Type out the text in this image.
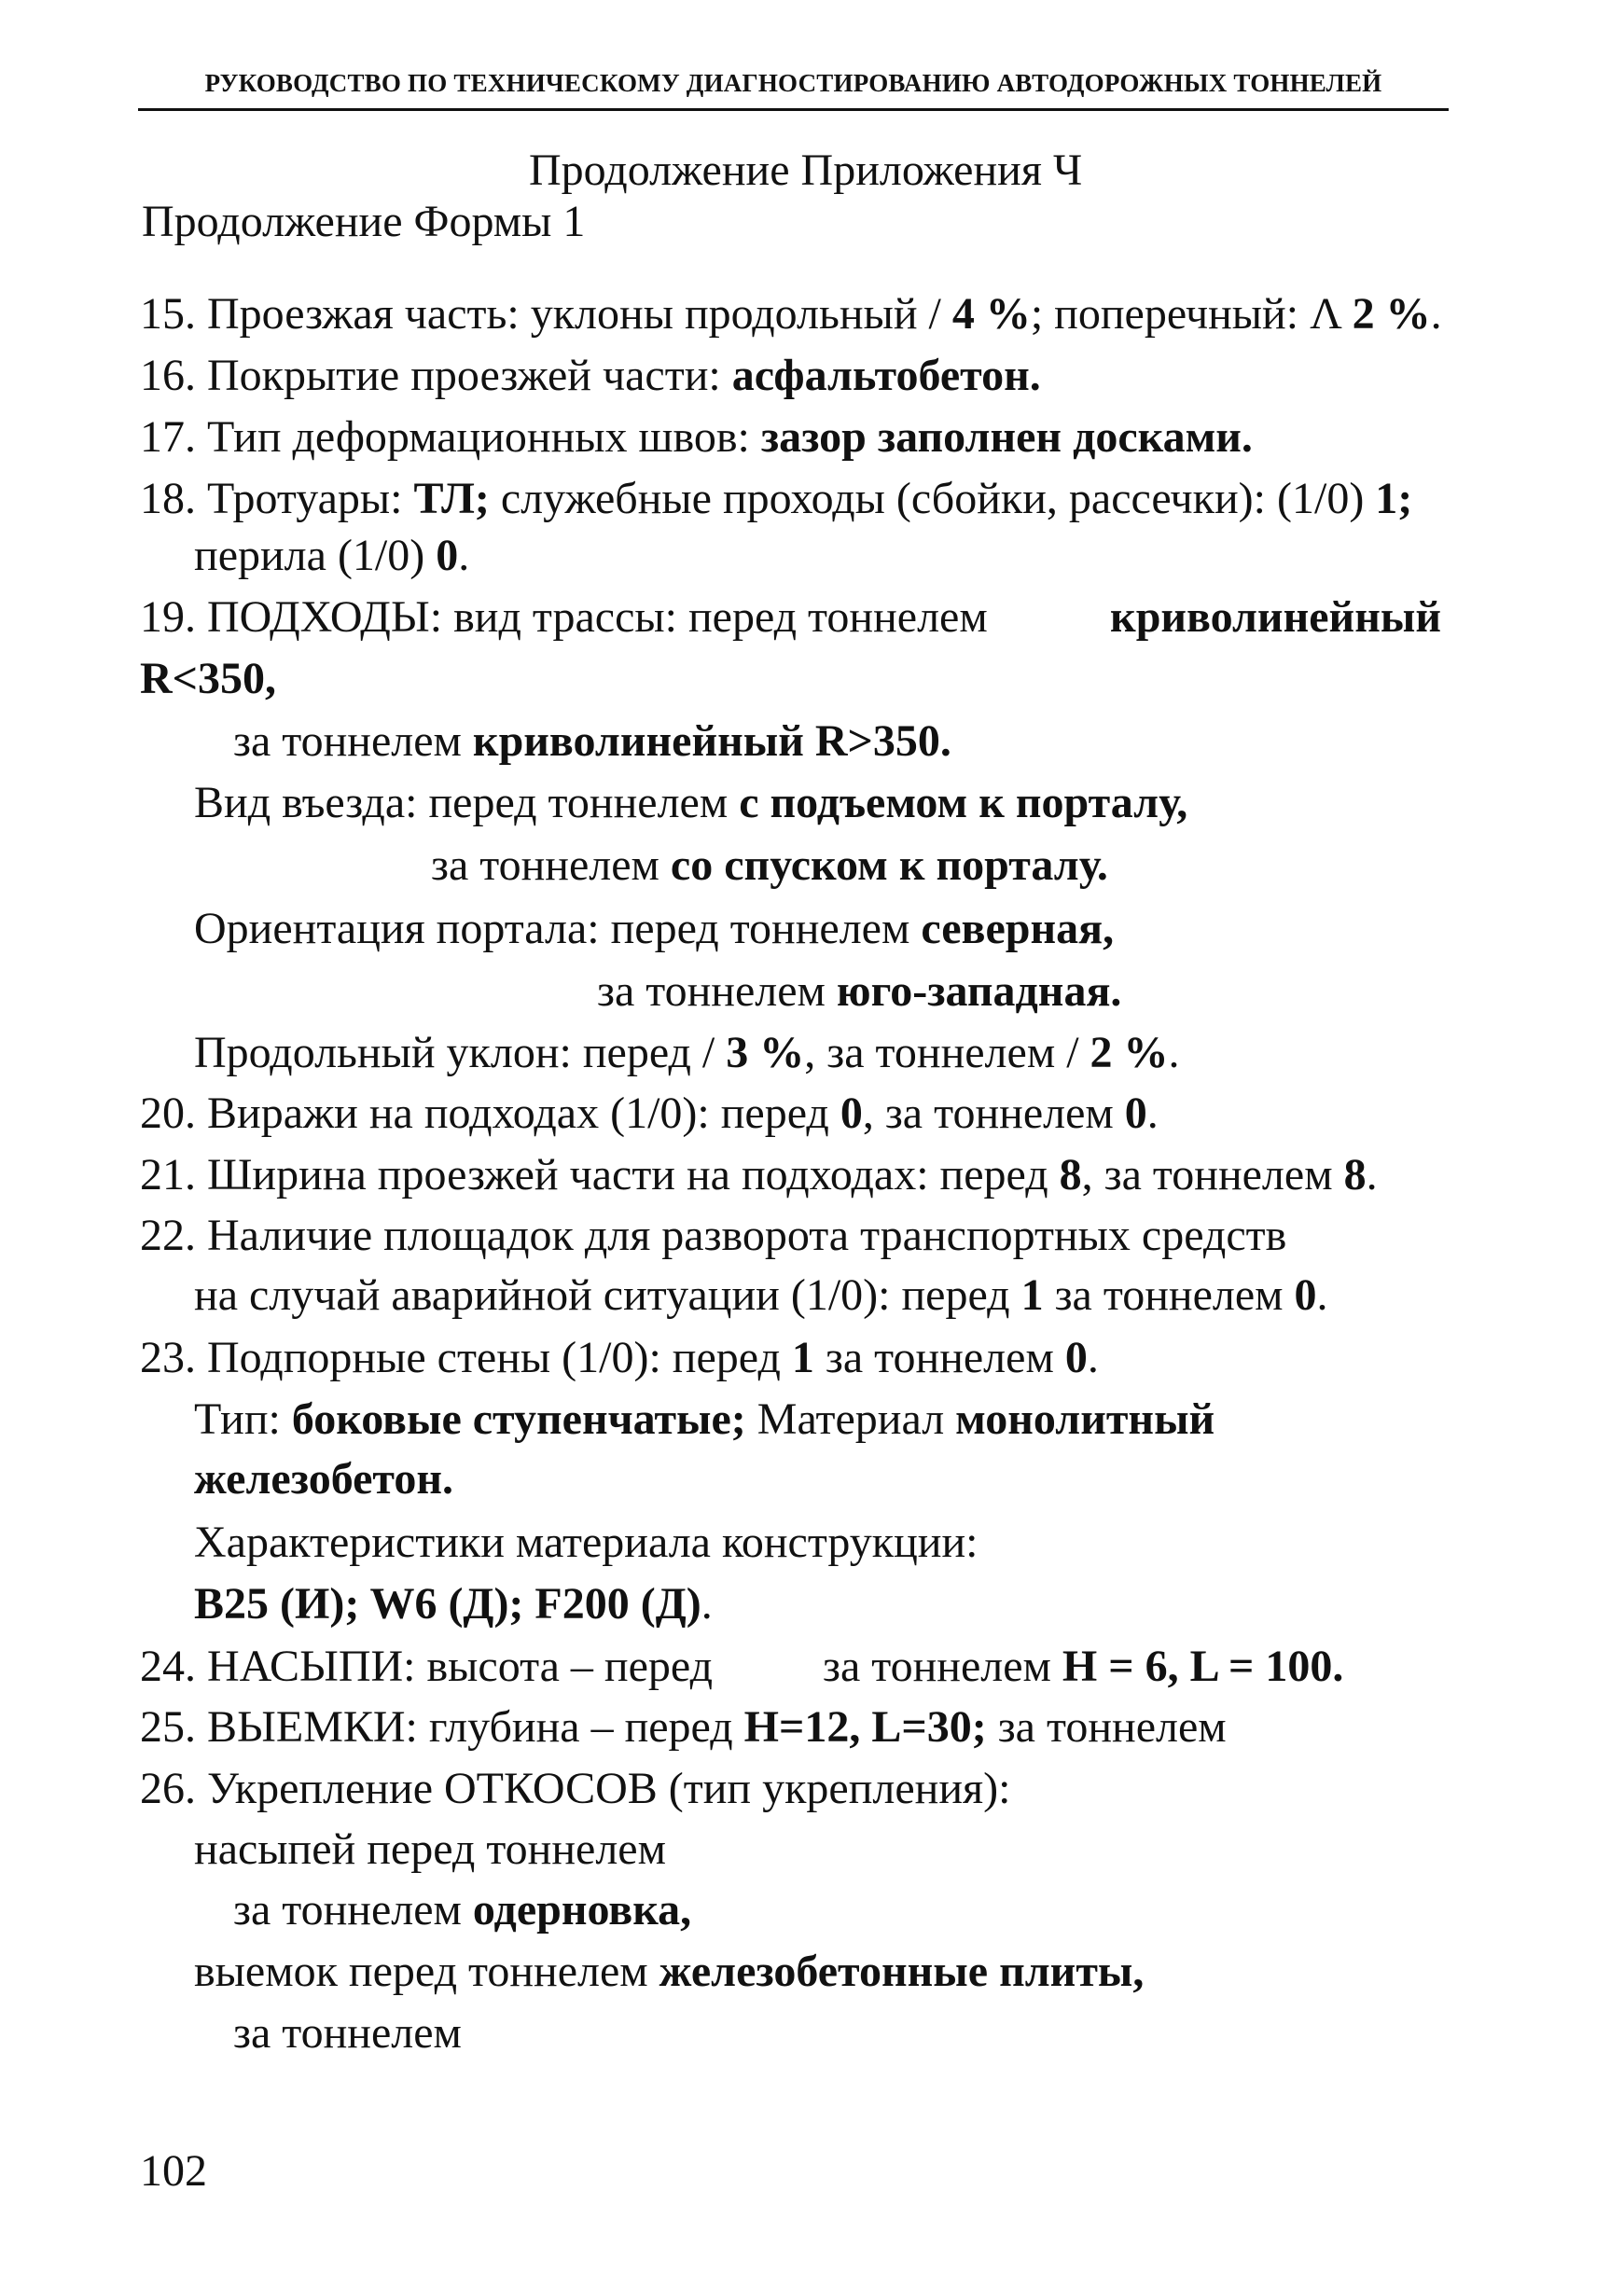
РУКОВОДСТВО ПО ТЕХНИЧЕСКОМУ ДИАГНОСТИРОВАНИЮ АВТОДОРОЖНЫХ ТОННЕЛЕЙ
Продолжение Приложения Ч
Продолжение Формы 1
15. Проезжая часть: уклоны продольный / 4 %; поперечный: Λ 2 %.
16. Покрытие проезжей части: асфальтобетон.
17. Тип деформационных швов: зазор заполнен досками.
18. Тротуары: ТЛ; служебные проходы (сбойки, рассечки): (1/0) 1;
перила (1/0) 0.
19. ПОДХОДЫ: вид трассы: перед тоннелем	криволинейный
R<350,
за тоннелем криволинейный R>350.
Вид въезда: перед тоннелем с подъемом к порталу,
за тоннелем со спуском к порталу.
Ориентация портала: перед тоннелем северная,
за тоннелем юго-западная.
Продольный уклон: перед / 3 %, за тоннелем / 2 %.
20. Виражи на подходах (1/0): перед 0, за тоннелем 0.
21. Ширина проезжей части на подходах: перед 8, за тоннелем 8.
22. Наличие площадок для разворота транспортных средств
на случай аварийной ситуации (1/0): перед 1 за тоннелем 0.
23. Подпорные стены (1/0): перед 1 за тоннелем 0.
Тип: боковые ступенчатые; Материал монолитный
железобетон.
Характеристики материала конструкции:
B25 (И); W6 (Д); F200 (Д).
24. НАСЫПИ: высота – перед за тоннелем Н = 6, L = 100.
25. ВЫЕМКИ: глубина – перед Н=12, L=30; за тоннелем
26. Укрепление ОТКОСОВ (тип укрепления):
насыпей перед тоннелем
за тоннелем одерновка,
выемок перед тоннелем железобетонные плиты,
за тоннелем
102
